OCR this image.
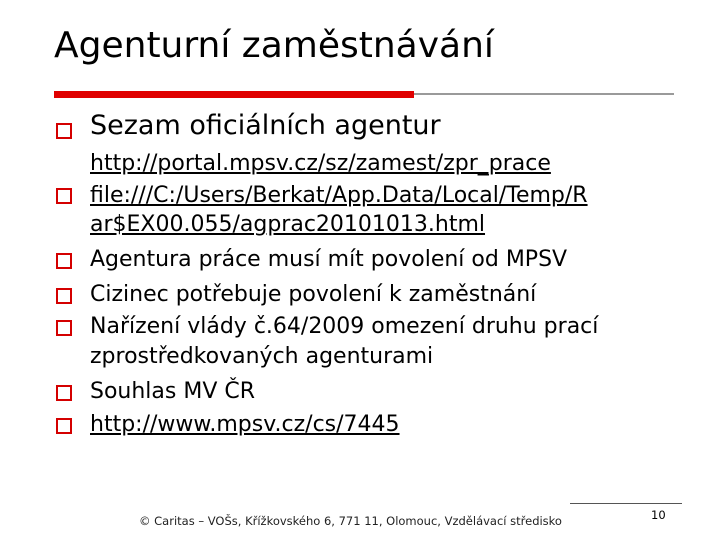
Agenturní zaměstnávání
Sezam oficiálních agentur
http://portal.mpsv.cz/sz/zamest/zpr_prace
file:///C:/Users/Berkat/App.Data/Local/Temp/R
ar$EX00.055/agprac20101013.html
Agentura práce musí mít povolení od MPSV
Cizinec potřebuje povolení k zaměstnání
Nařízení vlády č.64/2009 omezení druhu prací
zprostředkovaných agenturami
Souhlas MV ČR
http://www.mpsv.cz/cs/7445
© Caritas – VOŠs, Křížkovského 6, 771 11, Olomouc, Vzdělávací středisko	10
